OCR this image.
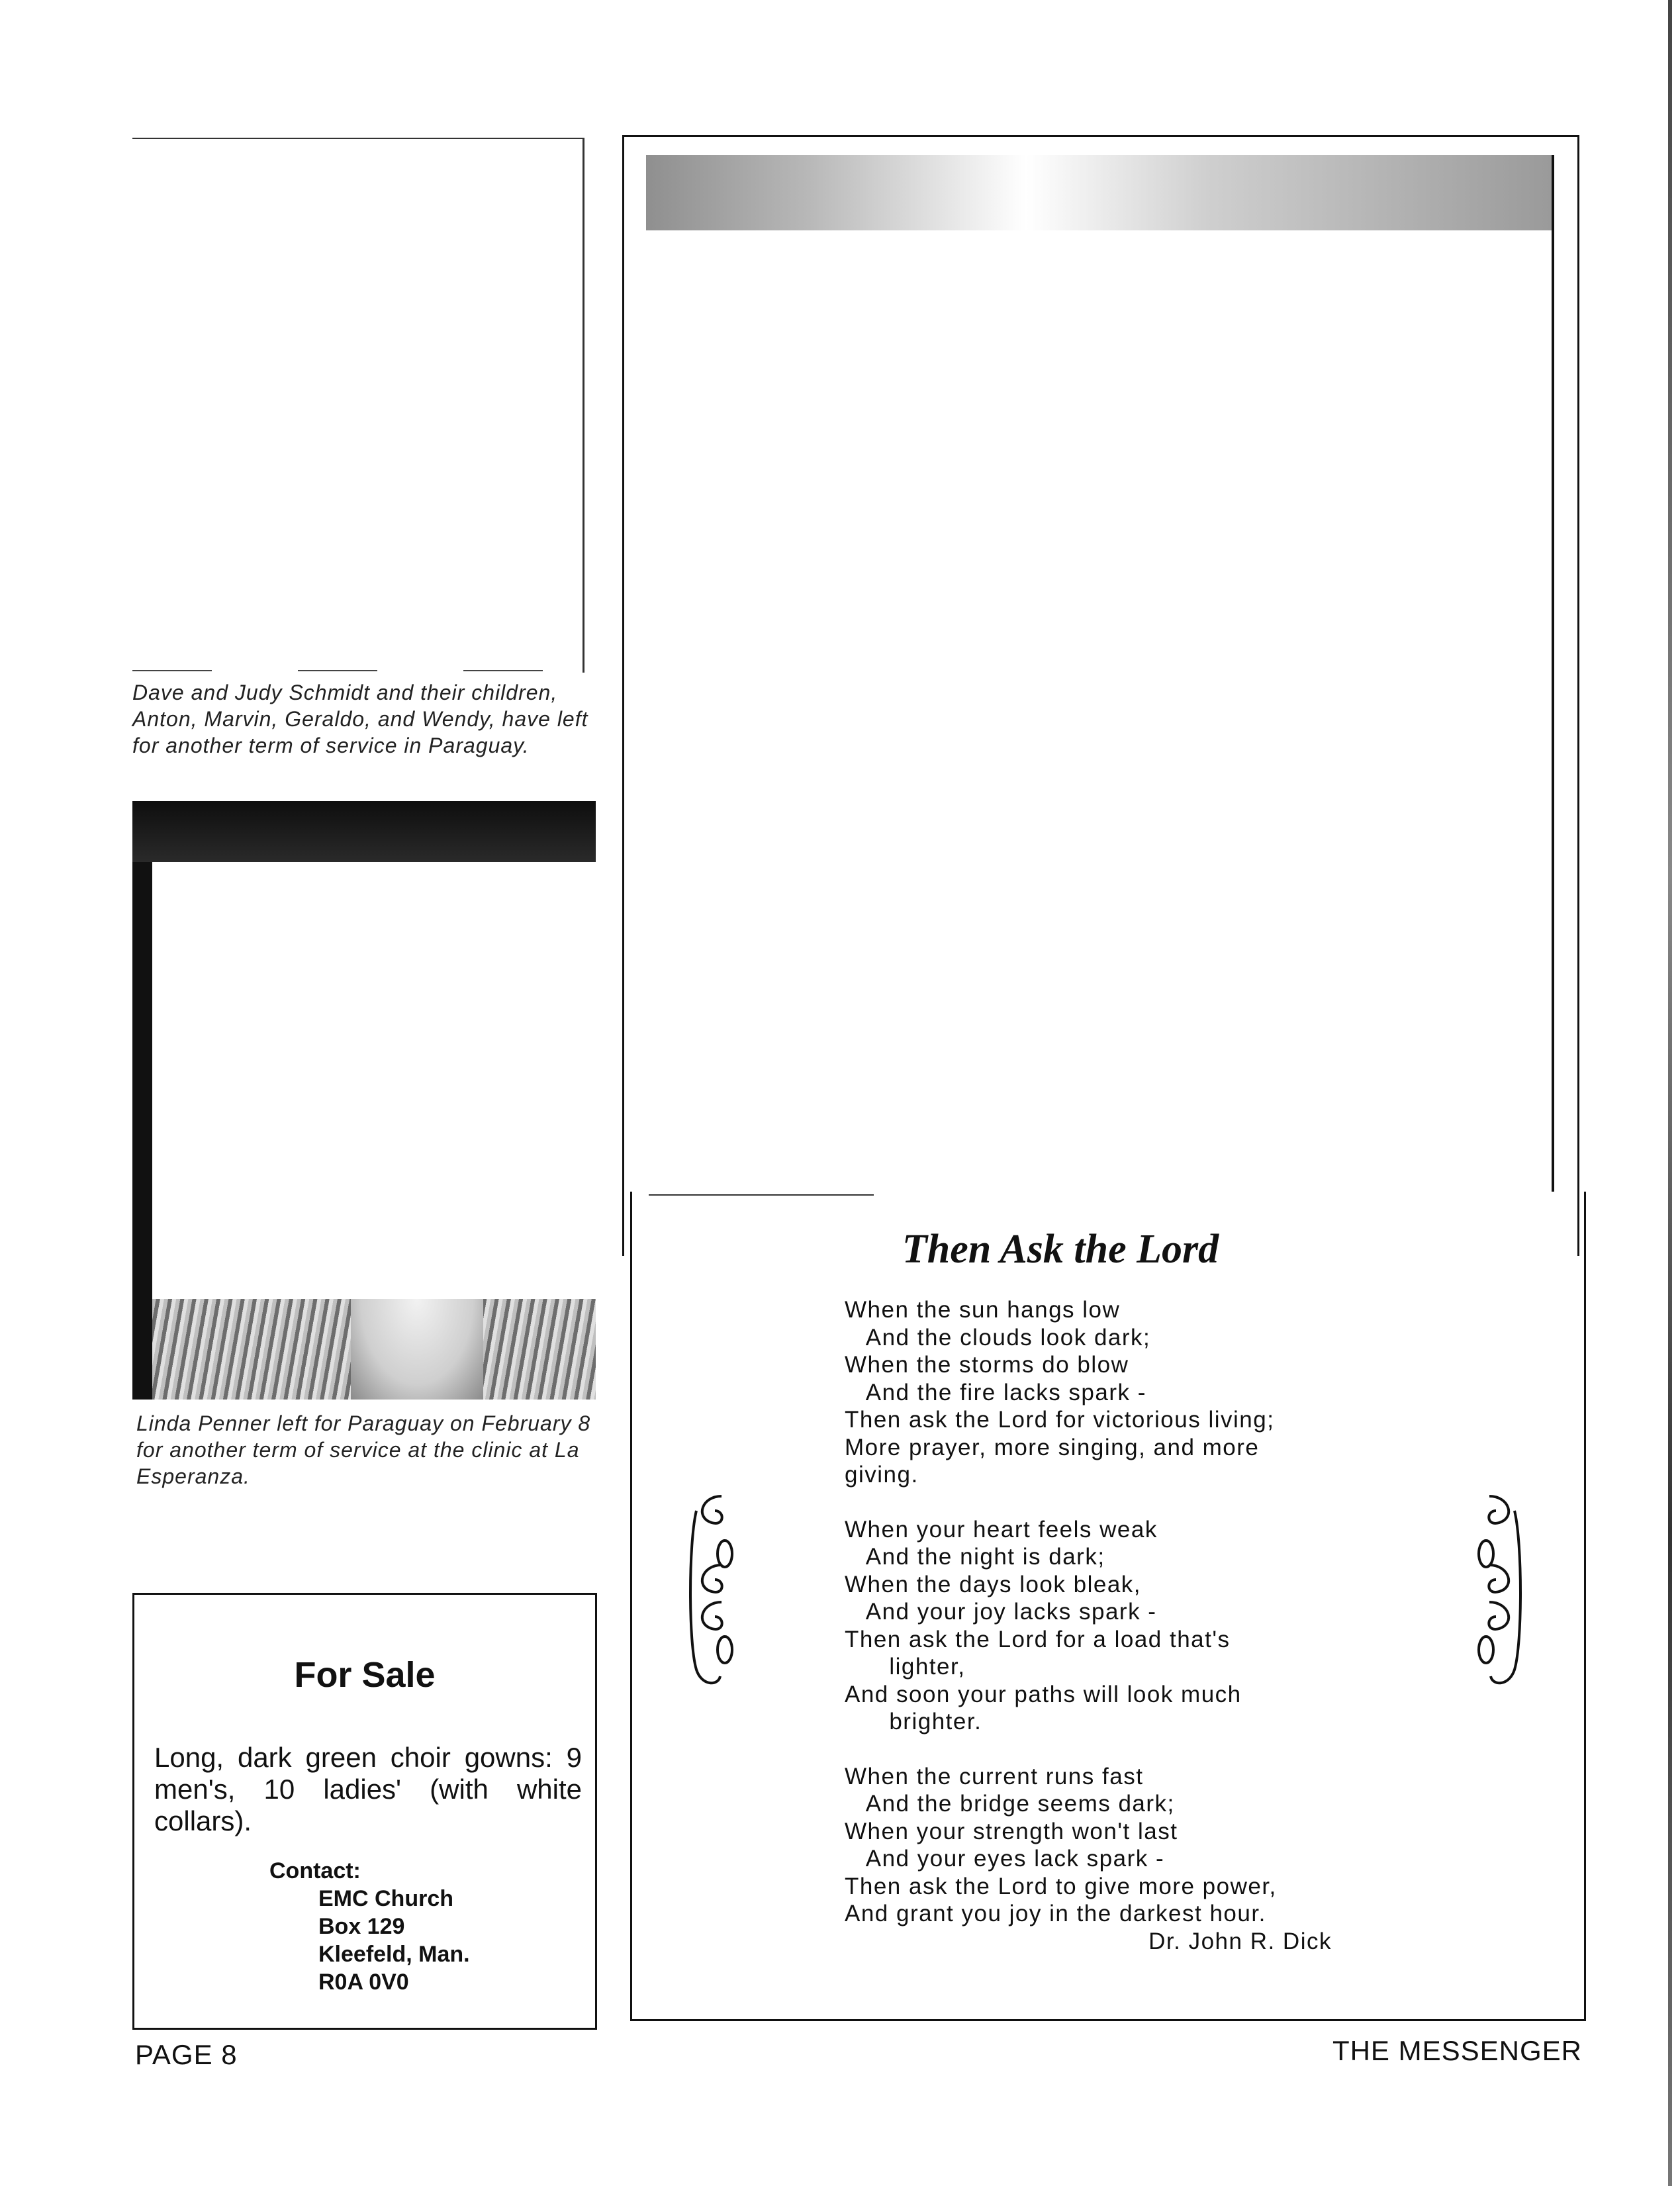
Dave and Judy Schmidt and their children, Anton, Marvin, Geraldo, and Wendy, have left for another term of service in Paraguay.
Linda Penner left for Paraguay on February 8 for another term of service at the clinic at La Esperanza.
For Sale
Long, dark green choir gowns: 9 men's, 10 ladies' (with white collars).
Contact:
EMC Church
Box 129
Kleefeld, Man.
R0A 0V0
Then Ask the Lord
When the sun hangs low
And the clouds look dark;
When the storms do blow
And the fire lacks spark -
Then ask the Lord for victorious living;
More prayer, more singing, and more
giving.
When your heart feels weak
And the night is dark;
When the days look bleak,
And your joy lacks spark -
Then ask the Lord for a load that's
lighter,
And soon your paths will look much
brighter.
When the current runs fast
And the bridge seems dark;
When your strength won't last
And your eyes lack spark -
Then ask the Lord to give more power,
And grant you joy in the darkest hour.
Dr. John R. Dick
PAGE 8	THE MESSENGER
